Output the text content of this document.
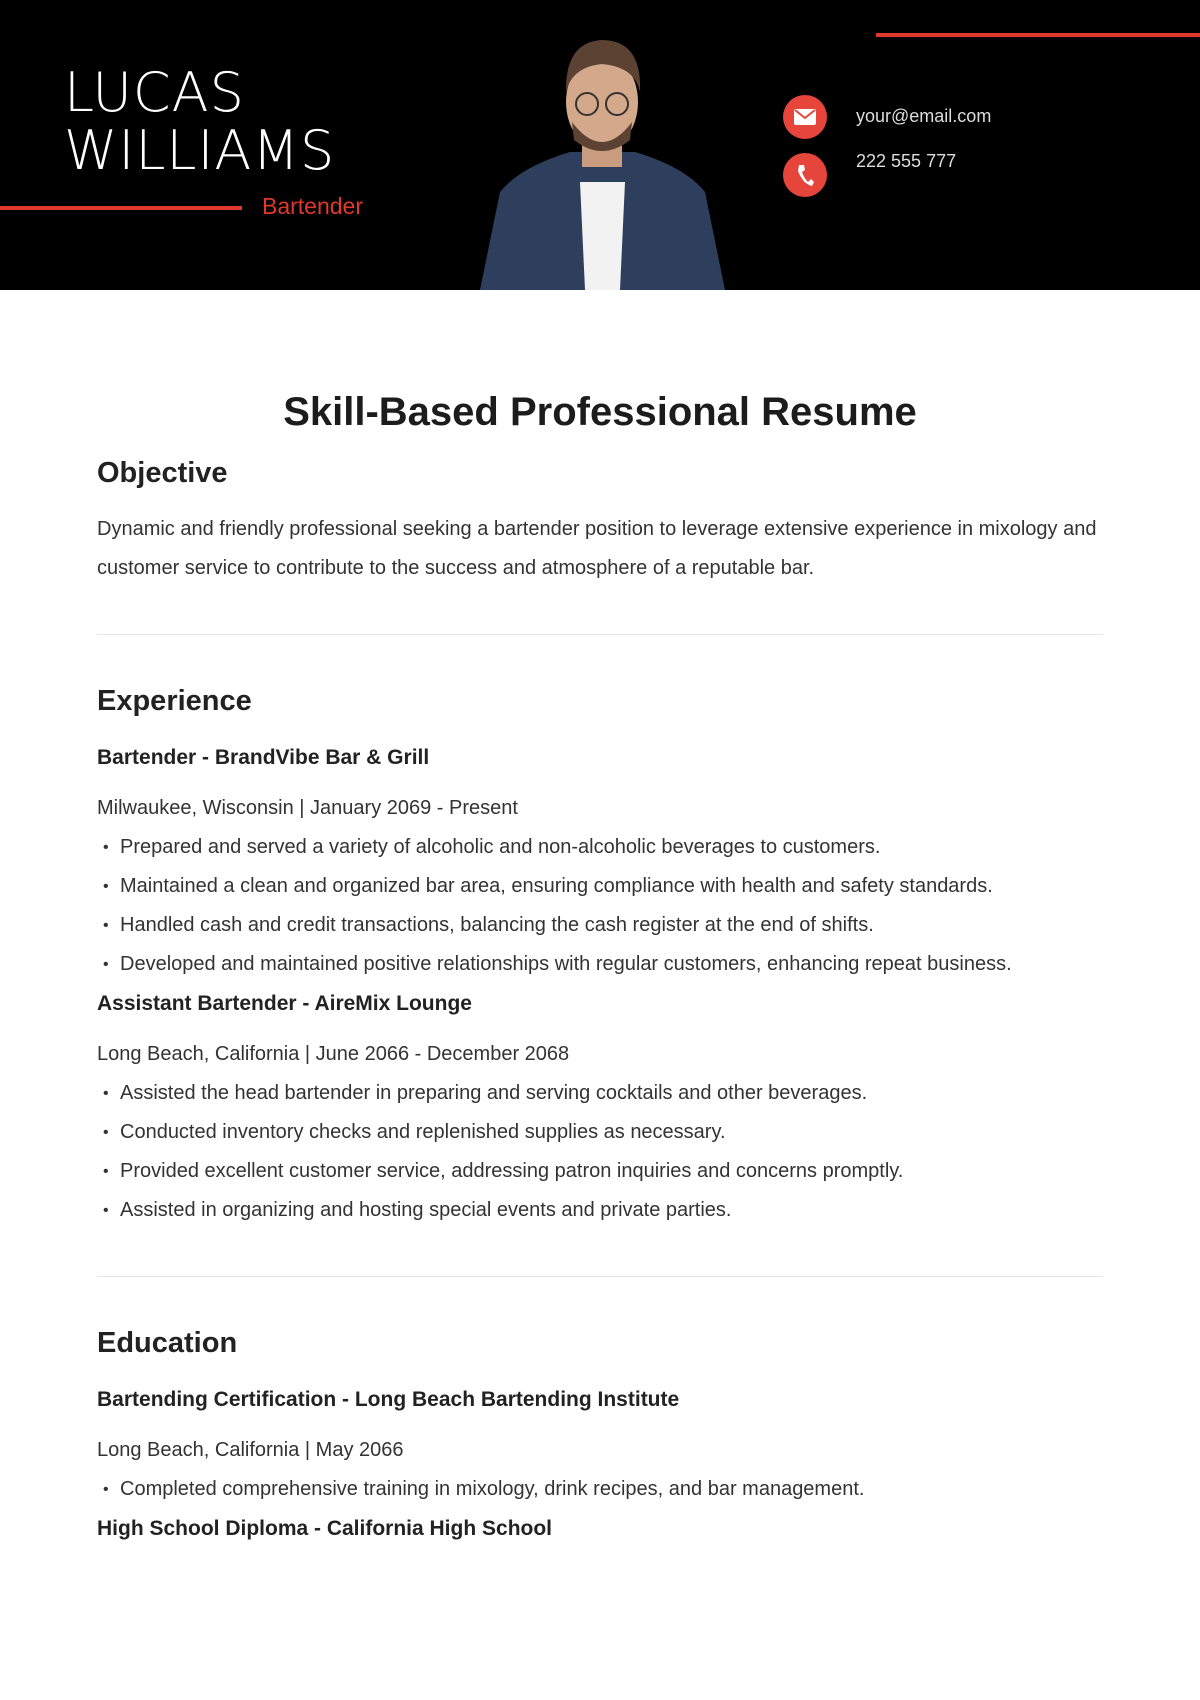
LUCAS
WILLIAMS
Bartender
your@email.com
222 555 777
Skill-Based Professional Resume
Objective

Dynamic and friendly professional seeking a bartender position to leverage extensive experience in mixology and customer service to contribute to the success and atmosphere of a reputable bar.

Experience
Bartender - BrandVibe Bar & Grill
Milwaukee, Wisconsin | January 2069 - Present
• Prepared and served a variety of alcoholic and non-alcoholic beverages to customers.
• Maintained a clean and organized bar area, ensuring compliance with health and safety standards.
• Handled cash and credit transactions, balancing the cash register at the end of shifts.
• Developed and maintained positive relationships with regular customers, enhancing repeat business.
Assistant Bartender - AireMix Lounge
Long Beach, California | June 2066 - December 2068
• Assisted the head bartender in preparing and serving cocktails and other beverages.
• Conducted inventory checks and replenished supplies as necessary.
• Provided excellent customer service, addressing patron inquiries and concerns promptly.
• Assisted in organizing and hosting special events and private parties.
Education
Bartending Certification - Long Beach Bartending Institute
Long Beach, California | May 2066
• Completed comprehensive training in mixology, drink recipes, and bar management.
High School Diploma - California High School
